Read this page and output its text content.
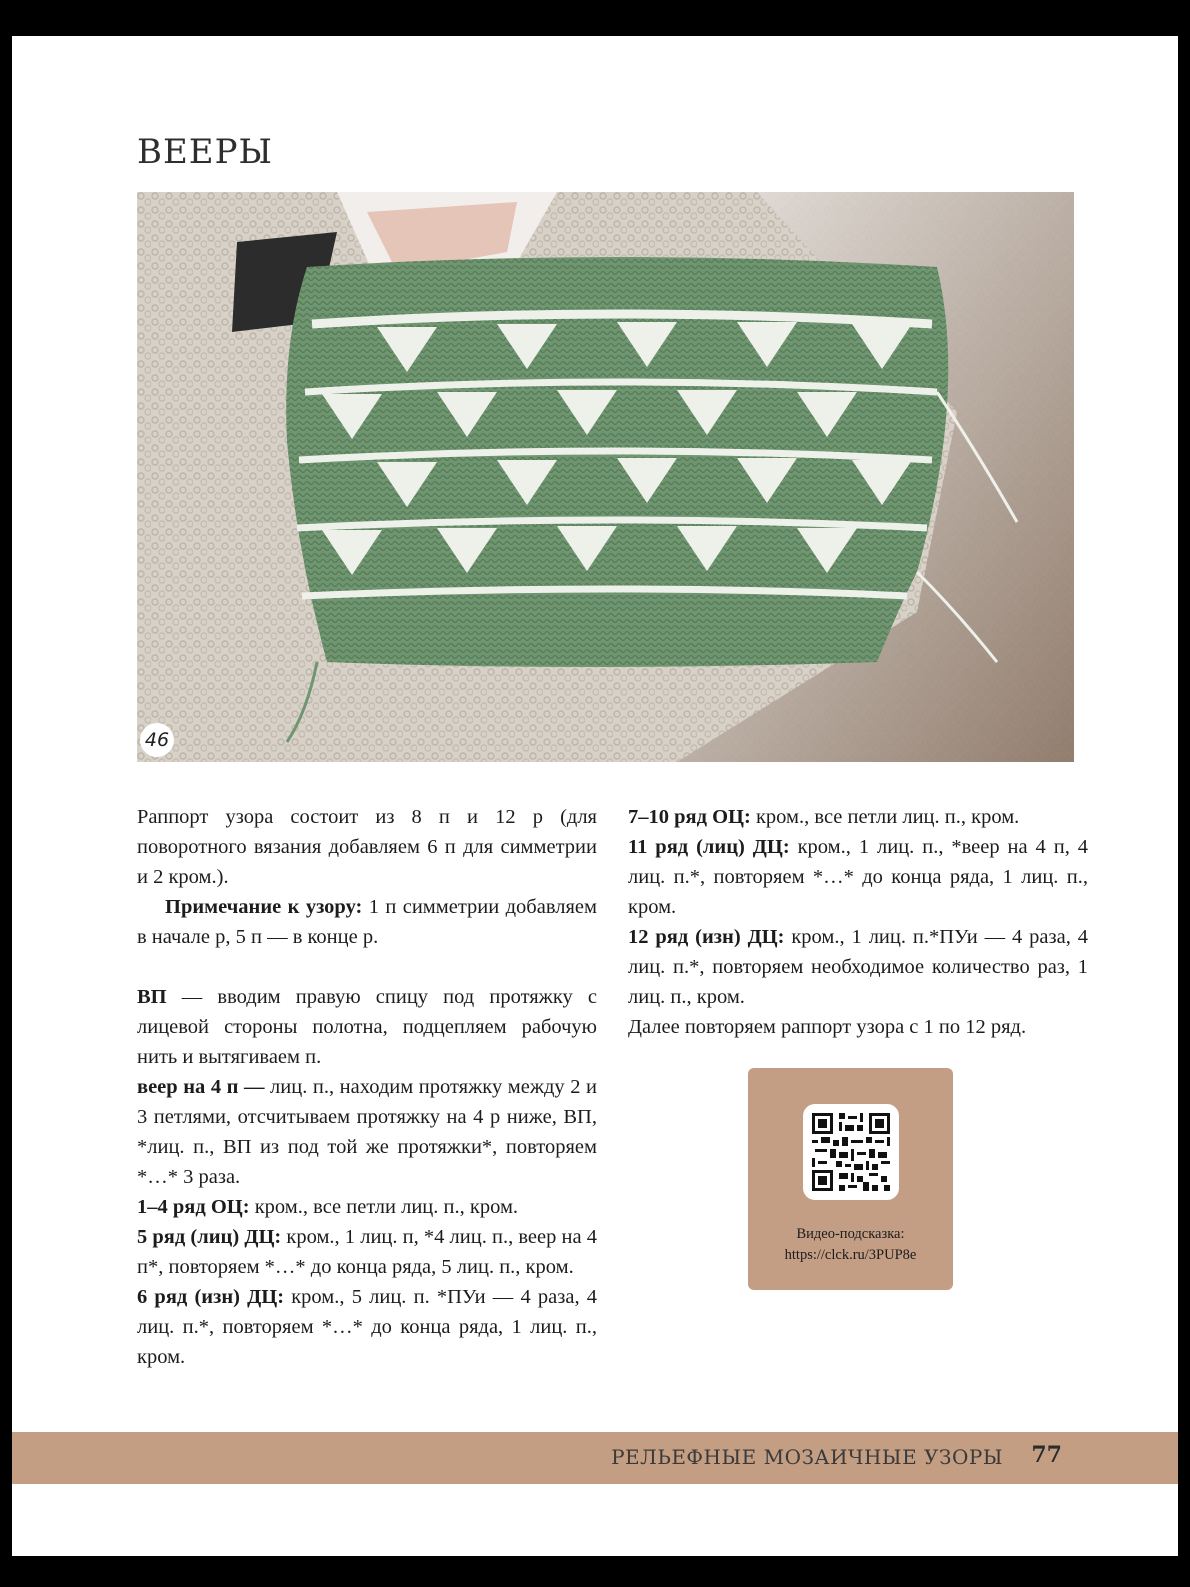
ВЕЕРЫ
46

Раппорт узора состоит из 8 п и 12 р (для поворотного вязания добавляем 6 п для симметрии и 2 кром.).

Примечание к узору: 1 п симметрии добавляем в начале р, 5 п — в конце р.

ВП — вводим правую спицу под протяжку с лицевой стороны полотна, подцепляем рабочую нить и вытягиваем п.

веер на 4 п — лиц. п., находим протяжку между 2 и 3 петлями, отсчитываем протяжку на 4 р ниже, ВП, *лиц. п., ВП из под той же протяжки*, повторяем *…* 3 раза.

1–4 ряд ОЦ: кром., все петли лиц. п., кром.

5 ряд (лиц) ДЦ: кром., 1 лиц. п, *4 лиц. п., веер на 4 п*, повторяем *…* до конца ряда, 5 лиц. п., кром.

6 ряд (изн) ДЦ: кром., 5 лиц. п. *ПУи — 4 раза, 4 лиц. п.*, повторяем *…* до конца ряда, 1 лиц. п., кром.

7–10 ряд ОЦ: кром., все петли лиц. п., кром.

11 ряд (лиц) ДЦ: кром., 1 лиц. п., *веер на 4 п, 4 лиц. п.*, повторяем *…* до конца ряда, 1 лиц. п., кром.

12 ряд (изн) ДЦ: кром., 1 лиц. п.*ПУи — 4 раза, 4 лиц. п.*, повторяем необходимое количество раз, 1 лиц. п., кром.

Далее повторяем раппорт узора с 1 по 12 ряд.

Видео-подсказка:
https://clck.ru/3PUP8e
РЕЛЬЕФНЫЕ МОЗАИЧНЫЕ УЗОРЫ 77
